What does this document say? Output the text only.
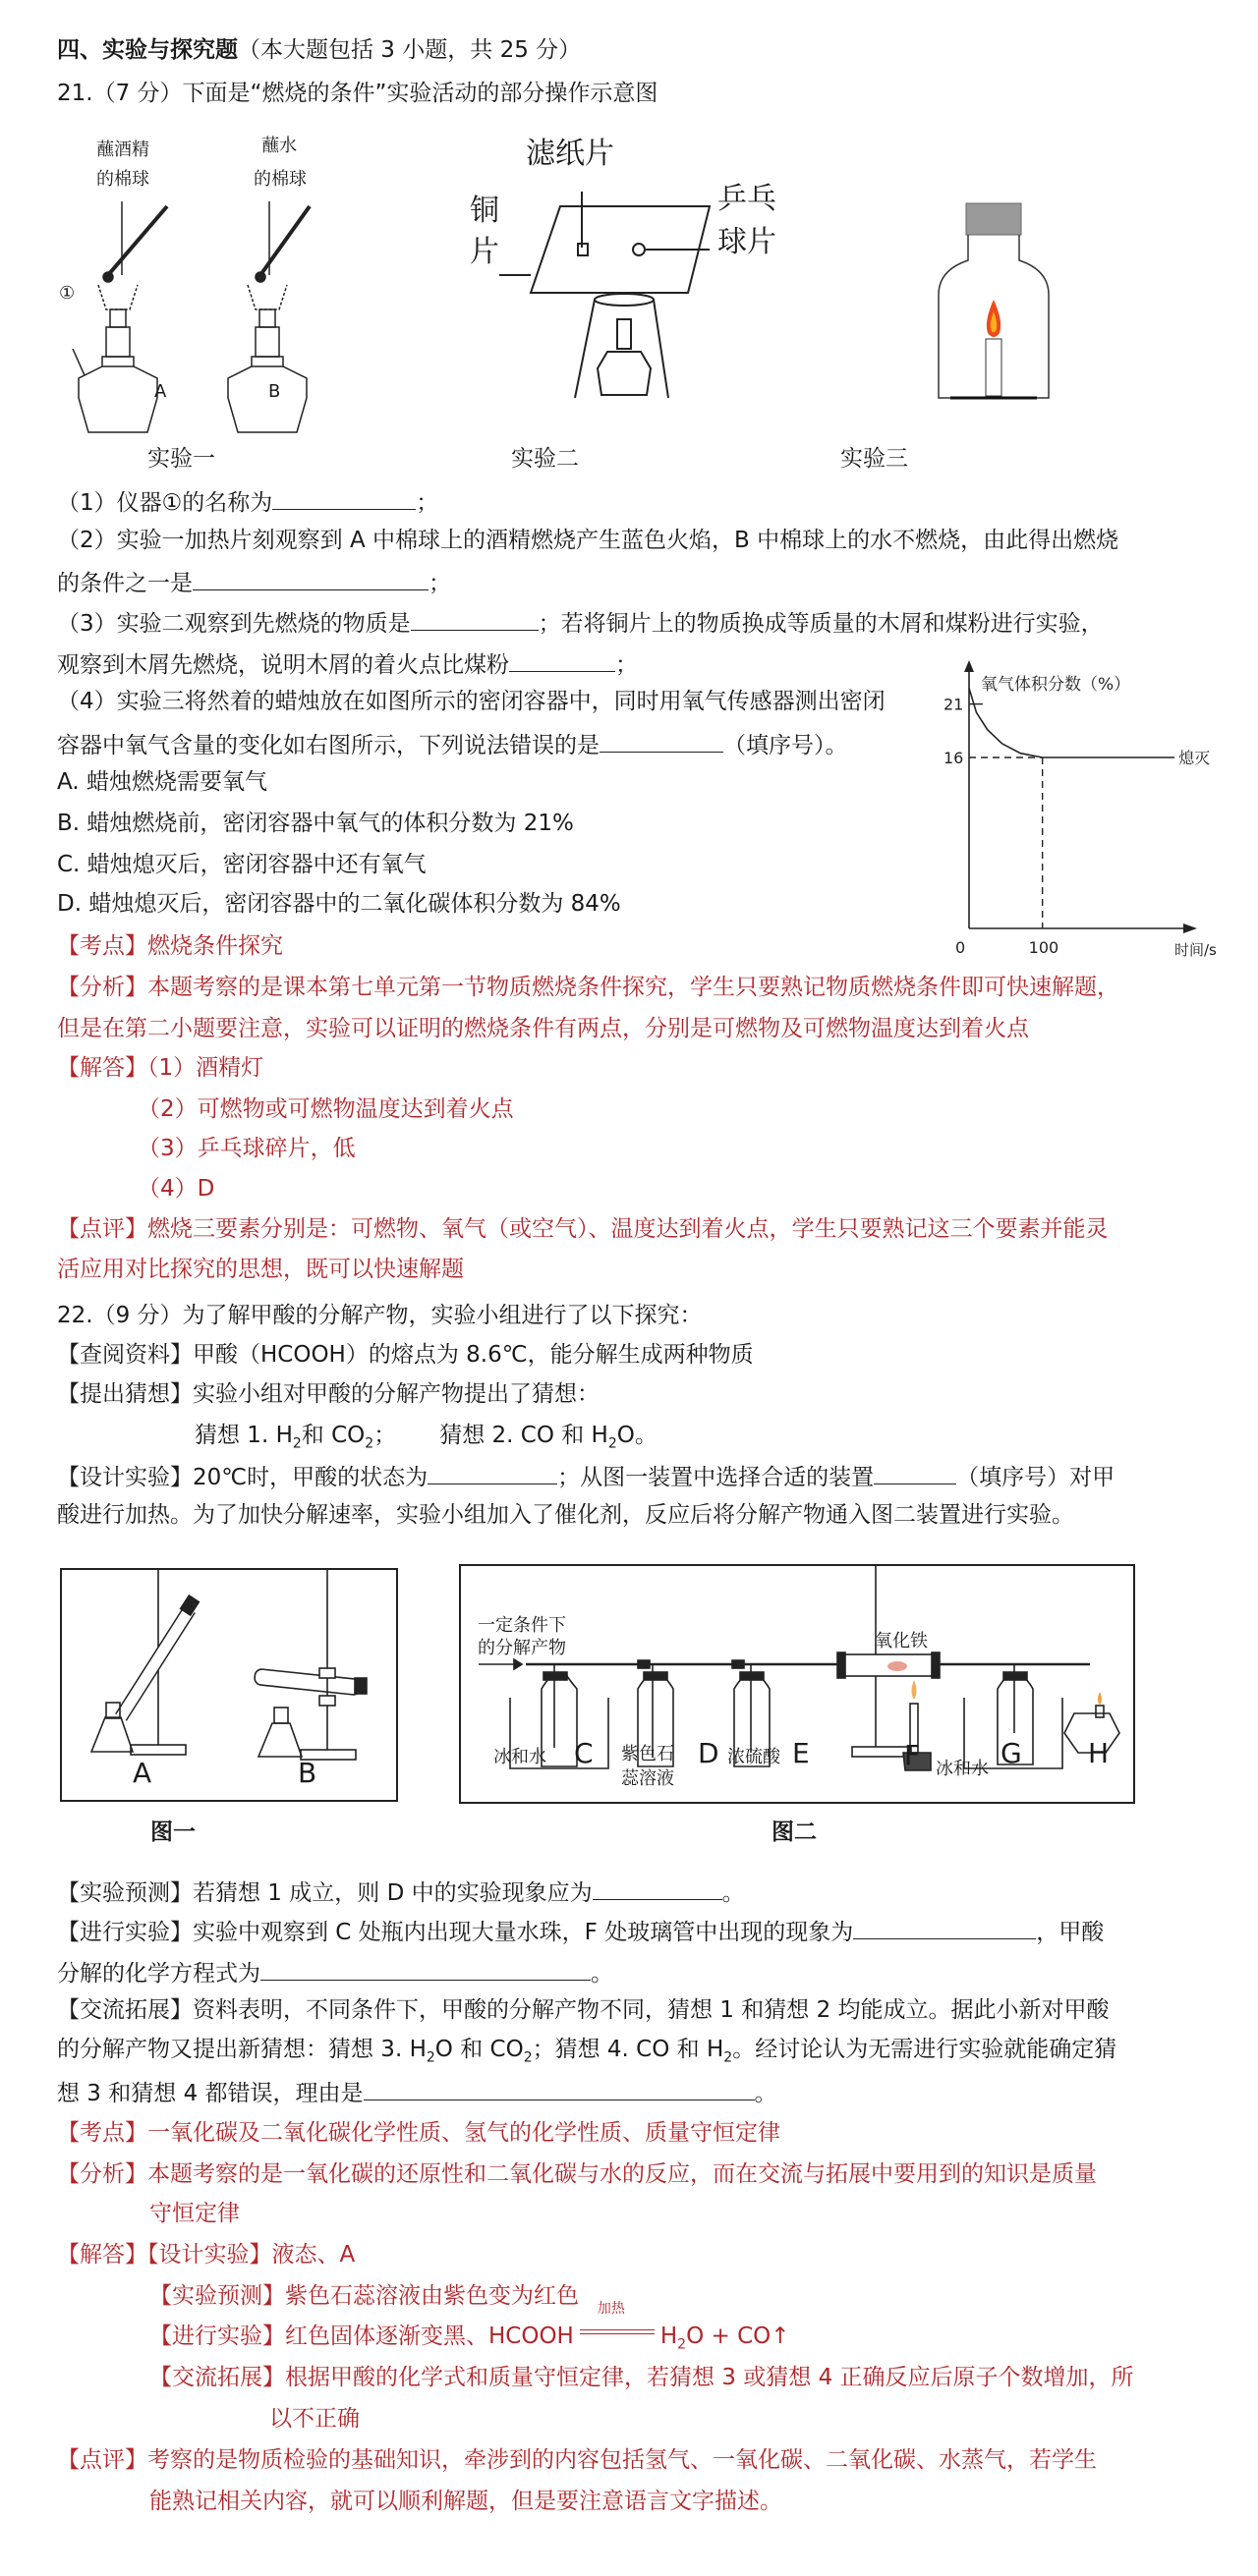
四、实验与探究题（本大题包括 3 小题，共 25 分）
21.（7 分）下面是“燃烧的条件”实验活动的部分操作示意图
蘸酒精
的棉球
蘸水
的棉球
①
A	B
滤纸片
铜
片
乒乓
球片
实验一	实验二	实验三
（1）仪器①的名称为	；
（2）实验一加热片刻观察到 A 中棉球上的酒精燃烧产生蓝色火焰，B 中棉球上的水不燃烧，由此得出燃烧
的条件之一是	；
（3）实验二观察到先燃烧的物质是	；若将铜片上的物质换成等质量的木屑和煤粉进行实验，
观察到木屑先燃烧，说明木屑的着火点比煤粉	；
（4）实验三将然着的蜡烛放在如图所示的密闭容器中，同时用氧气传感器测出密闭
容器中氧气含量的变化如右图所示，下列说法错误的是	（填序号）。
A. 蜡烛燃烧需要氧气
B. 蜡烛燃烧前，密闭容器中氧气的体积分数为 21%
C. 蜡烛熄灭后，密闭容器中还有氧气
D. 蜡烛熄灭后，密闭容器中的二氧化碳体积分数为 84%
氧气体积分数（%）
时间/s
0	100
21
16	熄灭
【考点】燃烧条件探究
【分析】本题考察的是课本第七单元第一节物质燃烧条件探究，学生只要熟记物质燃烧条件即可快速解题，
但是在第二小题要注意，实验可以证明的燃烧条件有两点，分别是可燃物及可燃物温度达到着火点
【解答】（1）酒精灯
（2）可燃物或可燃物温度达到着火点
（3）乒乓球碎片，低
（4）D
【点评】燃烧三要素分别是：可燃物、氧气（或空气）、温度达到着火点，学生只要熟记这三个要素并能灵
活应用对比探究的思想，既可以快速解题
22.（9 分）为了解甲酸的分解产物，实验小组进行了以下探究：
【查阅资料】甲酸（HCOOH）的熔点为 8.6℃，能分解生成两种物质
【提出猜想】实验小组对甲酸的分解产物提出了猜想：
猜想 1. $H_2$和 $CO_2$； 猜想 2. CO 和 $H_2O$。
【设计实验】20℃时，甲酸的状态为	；从图一装置中选择合适的装置	（填序号）对甲
酸进行加热。为了加快分解速率，实验小组加入了催化剂，反应后将分解产物通入图二装置进行实验。
A	B
图一
一定条件下
的分解产物	氧化铁
冰和水 C 紫色石
蕊溶液
D 浓硫酸 E	F 冰和水 G H
图二
【实验预测】若猜想 1 成立，则 D 中的实验现象应为	。
【进行实验】实验中观察到 C 处瓶内出现大量水珠，F 处玻璃管中出现的现象为	，甲酸
分解的化学方程式为	。
【交流拓展】资料表明，不同条件下，甲酸的分解产物不同，猜想 1 和猜想 2 均能成立。据此小新对甲酸
的分解产物又提出新猜想：猜想 3. $H_2O$ 和 $CO_2$；猜想 4. CO 和 $H_2$。经讨论认为无需进行实验就能确定猜
想 3 和猜想 4 都错误，理由是	。
【考点】一氧化碳及二氧化碳化学性质、氢气的化学性质、质量守恒定律
【分析】本题考察的是一氧化碳的还原性和二氧化碳与水的反应，而在交流与拓展中要用到的知识是质量
守恒定律
【解答】【设计实验】液态、A
【实验预测】紫色石蕊溶液由紫色变为红色
【进行实验】红色固体逐渐变黑、HCOOH
加热
$H_2O$ + CO↑
【交流拓展】根据甲酸的化学式和质量守恒定律，若猜想 3 或猜想 4 正确反应后原子个数增加，所
以不正确
【点评】考察的是物质检验的基础知识，牵涉到的内容包括氢气、一氧化碳、二氧化碳、水蒸气，若学生
能熟记相关内容，就可以顺利解题，但是要注意语言文字描述。
